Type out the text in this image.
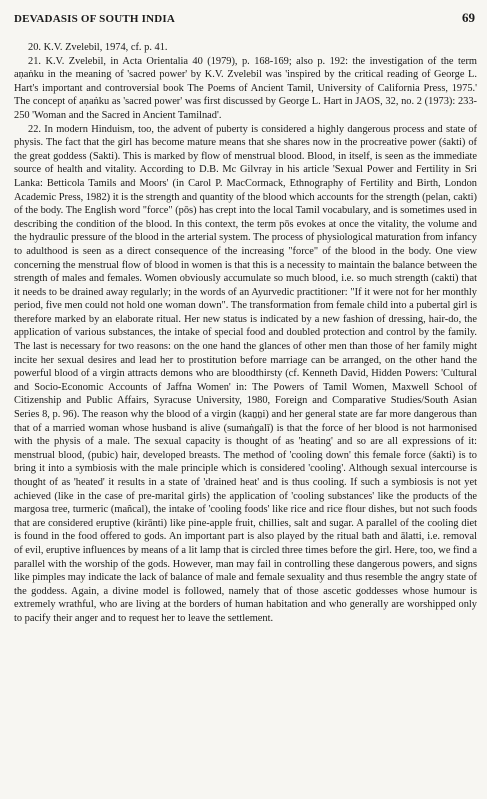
DEVADASIS OF SOUTH INDIA	69

20. K.V. Zvelebil, 1974, cf. p. 41.

21. K.V. Zvelebil, in Acta Orientalia 40 (1979), p. 168-169; also p. 192: the investigation of the term aṇaṅku in the meaning of 'sacred power' by K.V. Zvelebil was 'inspired by the critical reading of George L. Hart's important and controversial book The Poems of Ancient Tamil, University of California Press, 1975.' The concept of aṇaṅku as 'sacred power' was first discussed by George L. Hart in JAOS, 32, no. 2 (1973): 233-250 'Woman and the Sacred in Ancient Tamilnad'.

22. In modern Hinduism, too, the advent of puberty is considered a highly dangerous process and state of physis. The fact that the girl has become mature means that she shares now in the procreative power (śakti) of the great goddess (Sakti). This is marked by flow of menstrual blood. Blood, in itself, is seen as the immediate source of health and vitality. According to D.B. Mc Gilvray in his article 'Sexual Power and Fertility in Sri Lanka: Betticola Tamils and Moors' (in Carol P. MacCormack, Ethnography of Fertility and Birth, London Academic Press, 1982) it is the strength and quantity of the blood which accounts for the strength (pelan, cakti) of the body. The English word "force" (pōs) has crept into the local Tamil vocabulary, and is sometimes used in describing the condition of the blood. In this context, the term pōs evokes at once the vitality, the volume and the hydraulic pressure of the blood in the arterial system. The process of physiological maturation from infancy to adulthood is seen as a direct consequence of the increasing "force" of the blood in the body. One view concerning the menstrual flow of blood in women is that this is a necessity to maintain the balance between the strength of males and females. Women obviously accumulate so much blood, i.e. so much strength (cakti) that it needs to be drained away regularly; in the words of an Ayurvedic practitioner: "If it were not for her monthly period, five men could not hold one woman down". The transformation from female child into a pubertal girl is therefore marked by an elaborate ritual. Her new status is indicated by a new fashion of dressing, hair-do, the application of various substances, the intake of special food and doubled protection and control by the family. The last is necessary for two reasons: on the one hand the glances of other men than those of her family might incite her sexual desires and lead her to prostitution before marriage can be arranged, on the other hand the powerful blood of a virgin attracts demons who are bloodthirsty (cf. Kenneth David, Hidden Powers: 'Cultural and Socio-Economic Accounts of Jaffna Women' in: The Powers of Tamil Women, Maxwell School of Citizenship and Public Affairs, Syracuse University, 1980, Foreign and Comparative Studies/South Asian Series 8, p. 96). The reason why the blood of a virgin (kaṉṉi) and her general state are far more dangerous than that of a married woman whose husband is alive (sumaṅgalī) is that the force of her blood is not harmonised with the physis of a male. The sexual capacity is thought of as 'heating' and so are all expressions of it: menstrual blood, (pubic) hair, developed breasts. The method of 'cooling down' this female force (śakti) is to bring it into a symbiosis with the male principle which is considered 'cooling'. Although sexual intercourse is thought of as 'heated' it results in a state of 'drained heat' and is thus cooling. If such a symbiosis is not yet achieved (like in the case of pre-marital girls) the application of 'cooling substances' like the products of the margosa tree, turmeric (mañcal), the intake of 'cooling foods' like rice and rice flour dishes, but not such foods that are considered eruptive (kirānti) like pine-apple fruit, chillies, salt and sugar. A parallel of the cooling diet is found in the food offered to gods. An important part is also played by the ritual bath and ālatti, i.e. removal of evil, eruptive influences by means of a lit lamp that is circled three times before the girl. Here, too, we find a parallel with the worship of the gods. However, man may fail in controlling these dangerous powers, and signs like pimples may indicate the lack of balance of male and female sexuality and thus resemble the angry state of the goddess. Again, a divine model is followed, namely that of those ascetic goddesses whose humour is extremely wrathful, who are living at the borders of human habitation and who generally are worshipped only to pacify their anger and to request her to leave the settlement.
